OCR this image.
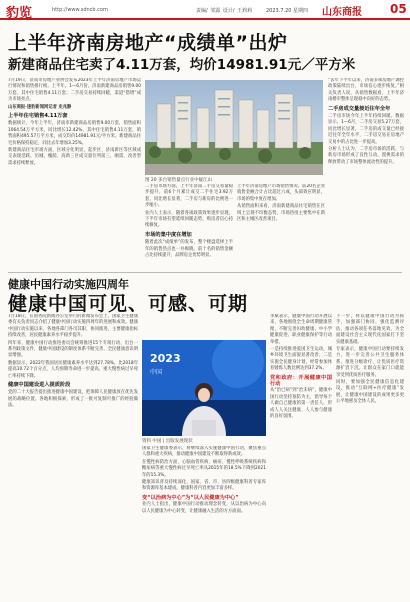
豹览	http://www.sdncb.com	责编/ 邹露 设计/ 王莉莉	2023.7.20 星期四 山东商报 05
上半年济南房地产“成绩单”出炉
新建商品住宅卖了4.11万套，均价14981.91元／平方米

7月19日，济南市房地产业协会发布2023年上半年济南房地产市场运行情况和销售排行榜。上半年，1—6月份，济南新建商品房销售9.00万套，其中住宅销售4.11万套；二手房交易持续回暖，渠道“搭增”成为市场亮点。

山东商报·速豹新闻网记者 史兆静

上半年住宅销售4.11万套

数据统计，今年上半年，济南市新建商品房销售9.00万套，销售面积1064.54万平方米，同比增长12.42%，其中住宅销售4.11万套，销售面积495.57万平方米，成交均价14981.91元/平方米。新建商品住宅价格保持稳定，同比去年增加3.25%。

新建商品住宅市场方面，区域分化明显，起步区、济南新区等区域成交表现活跃，历城、槐荫、高新三区成交量位列前三，刚需、改善型需求持续释放。

图 20 多台销售量点行业中疑江山

二手房市场方面，上半年济南二手房交易量稳步提升，前6个月累计成交二手住宅3.92万套，同比增长显著，二手房与新房的比例进一步缩小。

业内人士表示，随着各项政策效果逐步显现，下半年市场有望延续回暖态势，购房者信心持续修复。

市场的集中度在增加

随着此次“成绩单”的发布，整个楼盘选择上半年的销售热点也一并揭晓。前十名的销售金额占比持续提升，品牌房企优势明显。

上半年济南房地产市场销售情况。前20名企业销售金额合计占比超过六成，头部效应明显，市场的集中度在增加。

从销售面积来看，济南新建商品住宅销售在区域上呈现不均衡态势，市场热度主要集中在新区和主城区改善项目。

“去年下半年以来，济南多项房地产调控政策陆续出台，市场信心逐步恢复。”相关负责人说，从销售数据看，上半年济南楼市整体呈现稳中向好的态势。

二手房成交量接近往年全年

二手房市场今年上半年持续回暖。数据显示，1—6月，二手房交易5.27万套，同比增长显著，二手房的成交量已经接近往年全年水平，二手房交易在房地产交易中的占比进一步提高。

分析人士认为，二手房市场的活跃，与新房市场形成了良性互动，置换需求的释放带动了市场整体流动性的提升。

健康中国行动实施四周年
健康中国可见、可感、可期

7月18日，在国务院新闻办公室举行的新闻发布会上，国家卫生健康委有关负责同志介绍了健康中国行动实施四周年的进展和成效。健康中国行动实施以来，各地各部门各司其职、协同推进，主要健康指标持续改善，居民健康素养水平稳步提升。

四年来，健康中国行动推进委员会统筹推进15个专项行动，出台一系列政策文件，健康中国建设的制度体系不断完善，全民健康意识明显增强。

数据显示，2022年我国居民健康素养水平达到27.78%，比2018年提高10.72个百分点，人均预期寿命进一步提高，重大慢性病过早死亡率持续下降。

健康中国建设进入提质阶段

党的二十大报告提出推进健康中国建设，把保障人民健康放在优先发展的战略位置。各地积极探索，形成了一批可复制可推广的经验做法。

2023
中国
资料 中国 | 出版发展现状

国家卫生健康委表示，将继续深入实施健康中国行动，聚焦重点人群和重大疾病，推动健康中国建设不断取得新成效。

在慢性病防治方面，心脑血管疾病、癌症、慢性呼吸系统疾病和糖尿病等重大慢性病过早死亡率从2015年的18.5%下降到2021年的15.3%。

健康知识普及持续深化，国家、省、市、县四级健康科普专家库和资源库基本建成，健康科普内容更加丰富多样。

变“以治病为中心”为“以人民健康为中心”

业内人士指出，健康中国行动推动理念转变，从以治病为中心向以人民健康为中心转变，让健康融入生活的方方面面。

李斌表示，健康中国行动开展以来，各地围绕全生命周期健康管理，不断完善妇幼健康、中小学健康促进、职业健康保护等行动举措。

一是持续推进爱国卫生运动，城乡环境卫生面貌显著改善；二是实施全民健身计划，经常参加体育锻炼人数比例达到37.2%。

党和政府：开展健康中国行动

从“治已病”到“治未病”，健康中国行动坚持预防为主，倡导每个人做自己健康的第一责任人，形成人人关注健康、人人参与健康的良好氛围。

下一步，将以健康中国行动为抓手，加强部门协同，强化监测评估，推动各项任务落地见效，为全面建设社会主义现代化国家打下坚实健康基础。

专家表示，健康中国行动要持续发力，进一步完善公共卫生服务体系，推进分级诊疗，让优质医疗资源扩容下沉，让群众在家门口就能享受到优质医疗服务。

同时，要加强全民健康信息化建设，推动“互联网+医疗健康”发展，让健康中国建设的成果更多更公平地惠及全体人民。
